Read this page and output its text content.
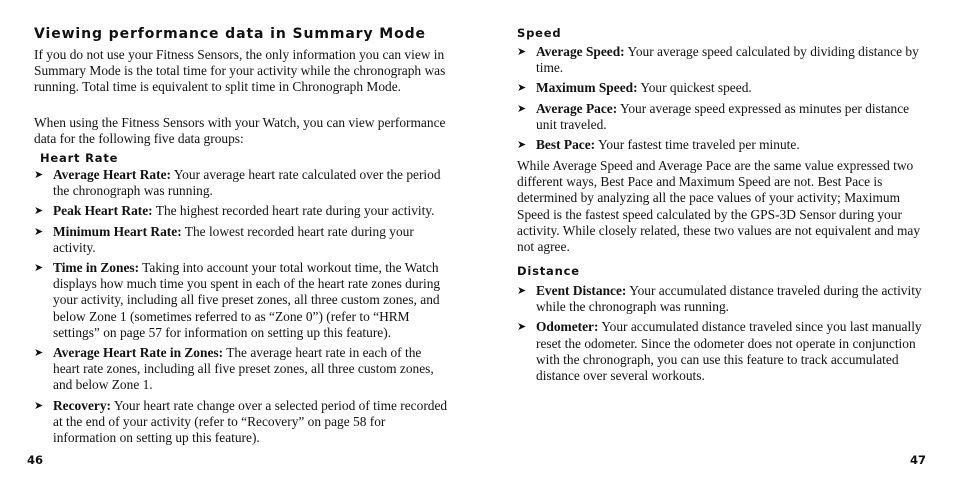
Viewing performance data in Summary Mode

If you do not use your Fitness Sensors, the only information you can view in Summary Mode is the total time for your activity while the chronograph was running. Total time is equivalent to split time in Chronograph Mode.

When using the Fitness Sensors with your Watch, you can view performance data for the following five data groups:

Heart Rate
➤ Average Heart Rate: Your average heart rate calculated over the period the chronograph was running.
➤ Peak Heart Rate: The highest recorded heart rate during your activity.
➤ Minimum Heart Rate: The lowest recorded heart rate during your activity.
➤ Time in Zones: Taking into account your total workout time, the Watch displays how much time you spent in each of the heart rate zones during your activity, including all five preset zones, all three custom zones, and below Zone 1 (sometimes referred to as “Zone 0”) (refer to “HRM settings” on page 57 for information on setting up this feature).
➤ Average Heart Rate in Zones: The average heart rate in each of the heart rate zones, including all five preset zones, all three custom zones, and below Zone 1.
➤ Recovery: Your heart rate change over a selected period of time recorded at the end of your activity (refer to “Recovery” on page 58 for information on setting up this feature).
46
Speed
➤ Average Speed: Your average speed calculated by dividing distance by time.
➤ Maximum Speed: Your quickest speed.
➤ Average Pace: Your average speed expressed as minutes per distance unit traveled.
➤ Best Pace: Your fastest time traveled per minute.

While Average Speed and Average Pace are the same value expressed two different ways, Best Pace and Maximum Speed are not. Best Pace is determined by analyzing all the pace values of your activity; Maximum Speed is the fastest speed calculated by the GPS-3D Sensor during your activity. While closely related, these two values are not equivalent and may not agree.

Distance
➤ Event Distance: Your accumulated distance traveled during the activity while the chronograph was running.
➤ Odometer: Your accumulated distance traveled since you last manually reset the odometer. Since the odometer does not operate in conjunction with the chronograph, you can use this feature to track accumulated distance over several workouts.
47
